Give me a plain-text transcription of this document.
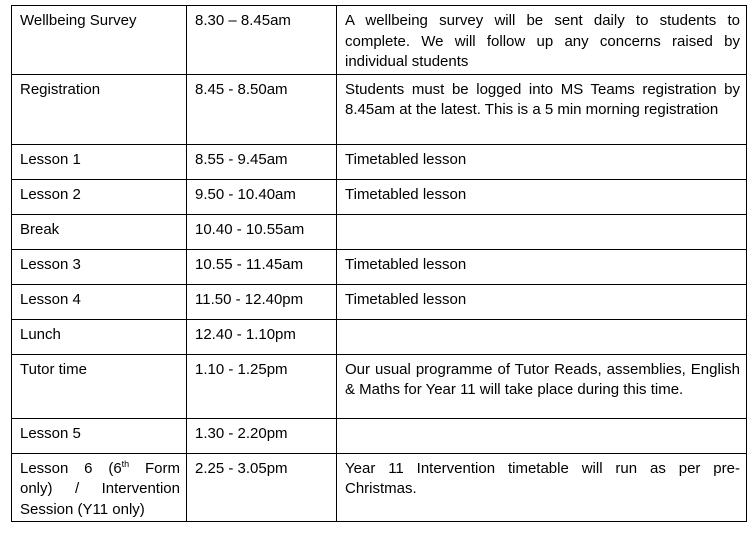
Wellbeing Survey	8.30 – 8.45am	A wellbeing survey will be sent daily to students to complete. We will follow up any concerns raised by individual students
Registration	8.45 - 8.50am	Students must be logged into MS Teams registration by 8.45am at the latest. This is a 5 min morning registration
Lesson 1	8.55 - 9.45am	Timetabled lesson
Lesson 2	9.50 - 10.40am	Timetabled lesson
Break	10.40 - 10.55am	
Lesson 3	10.55 - 11.45am	Timetabled lesson
Lesson 4	11.50 - 12.40pm	Timetabled lesson
Lunch	12.40 - 1.10pm	
Tutor time	1.10 - 1.25pm	Our usual programme of Tutor Reads, assemblies, English & Maths for Year 11 will take place during this time.
Lesson 5	1.30 - 2.20pm	
Lesson 6 (6th Form only) / Intervention Session (Y11 only)	2.25 - 3.05pm	Year 11 Intervention timetable will run as per pre-Christmas.
